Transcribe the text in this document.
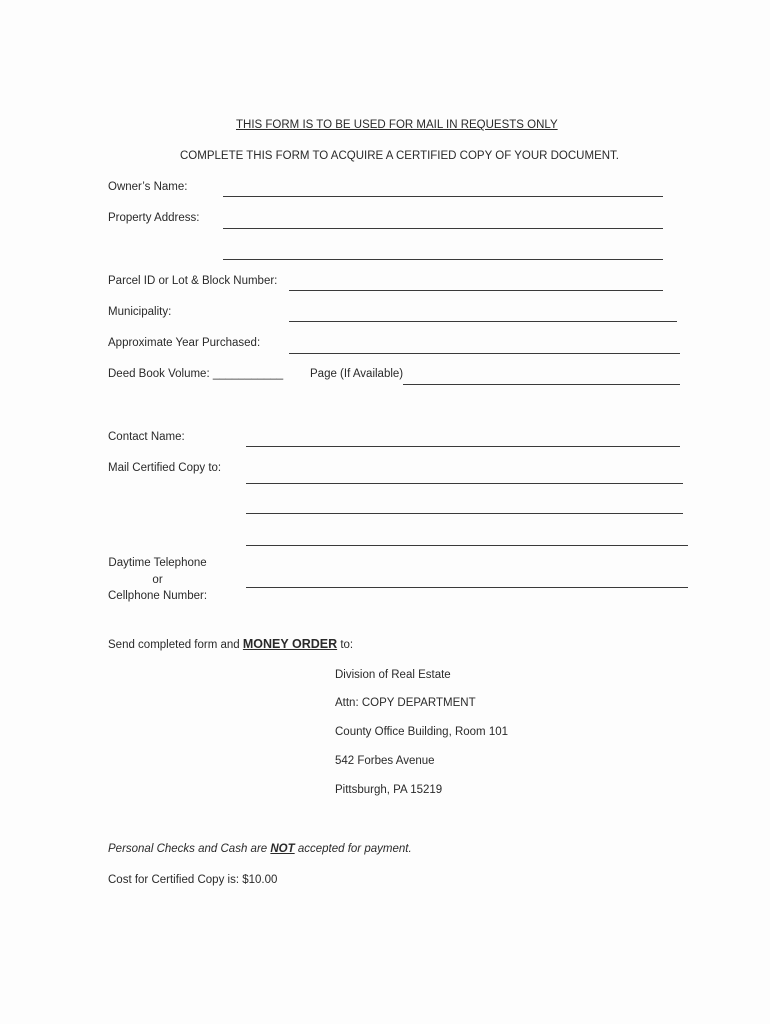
THIS FORM IS TO BE USED FOR MAIL IN REQUESTS ONLY
COMPLETE THIS FORM TO ACQUIRE A CERTIFIED COPY OF YOUR DOCUMENT.
Owner’s Name:
Property Address:
Parcel ID or Lot & Block Number:
Municipality:
Approximate Year Purchased:
Deed Book Volume: ___________ Page (If Available)
Contact Name:
Mail Certified Copy to:
Daytime Telephone
or
Cellphone Number:
Send completed form and MONEY ORDER to:
Division of Real Estate
Attn: COPY DEPARTMENT
County Office Building, Room 101
542 Forbes Avenue
Pittsburgh, PA 15219
Personal Checks and Cash are NOT accepted for payment.
Cost for Certified Copy is: $10.00
